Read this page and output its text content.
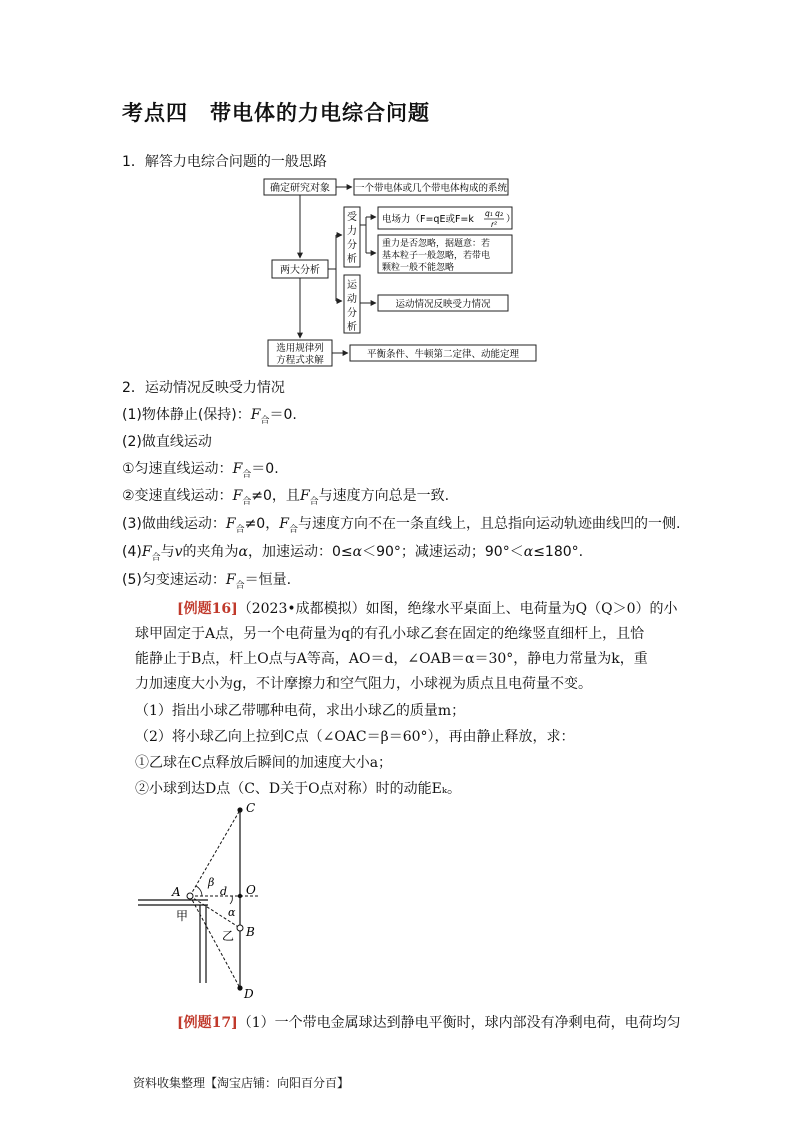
考点四　带电体的力电综合问题
1．解答力电综合问题的一般思路
确定研究对象	一个带电体或几个带电体构成的系统
两大分析
受
力
分
析
电场力（F=qE或F=k
q₁ q₂
r² ）
重力是否忽略，据题意：若
基本粒子一般忽略，若带电
颗粒一般不能忽略
运
动
分
析
运动情况反映受力情况
选用规律列
方程式求解
平衡条件、牛顿第二定律、动能定理
2．运动情况反映受力情况
(1)物体静止(保持)：$F_合=0$.
(2)做直线运动
①匀速直线运动：$F_合=0$.
②变速直线运动：$F_合\ne 0$，且$F_合$与速度方向总是一致.
(3)做曲线运动：$F_合\ne 0$，$F_合$与速度方向不在一条直线上，且总指向运动轨迹曲线凹的一侧.
$(4)F_合$与v的夹角为α，加速运动：0≤α＜90°；减速运动；90°＜α≤180°.
(5)匀变速运动：$F_合=$恒量.
[例题16]（2023•成都模拟）如图，绝缘水平桌面上、电荷量为Q（Q＞0）的小
球甲固定于A点，另一个电荷量为q的有孔小球乙套在固定的绝缘竖直细杆上，且恰
能静止于B点，杆上O点与A等高，AO＝d，∠OAB＝α＝30°，静电力常量为k，重
力加速度大小为g，不计摩擦力和空气阻力，小球视为质点且电荷量不变。
（1）指出小球乙带哪种电荷，求出小球乙的质量m；
（2）将小球乙向上拉到C点（∠OAC＝β＝60°），再由静止释放，求：
①乙球在C点释放后瞬间的加速度大小a；
②小球到达D点（C、D关于O点对称）时的动能Eₖ。
C
A
β
d O
α
甲
乙 B
D
[例题17]（1）一个带电金属球达到静电平衡时，球内部没有净剩电荷，电荷均匀
资料收集整理【淘宝店铺：向阳百分百】
